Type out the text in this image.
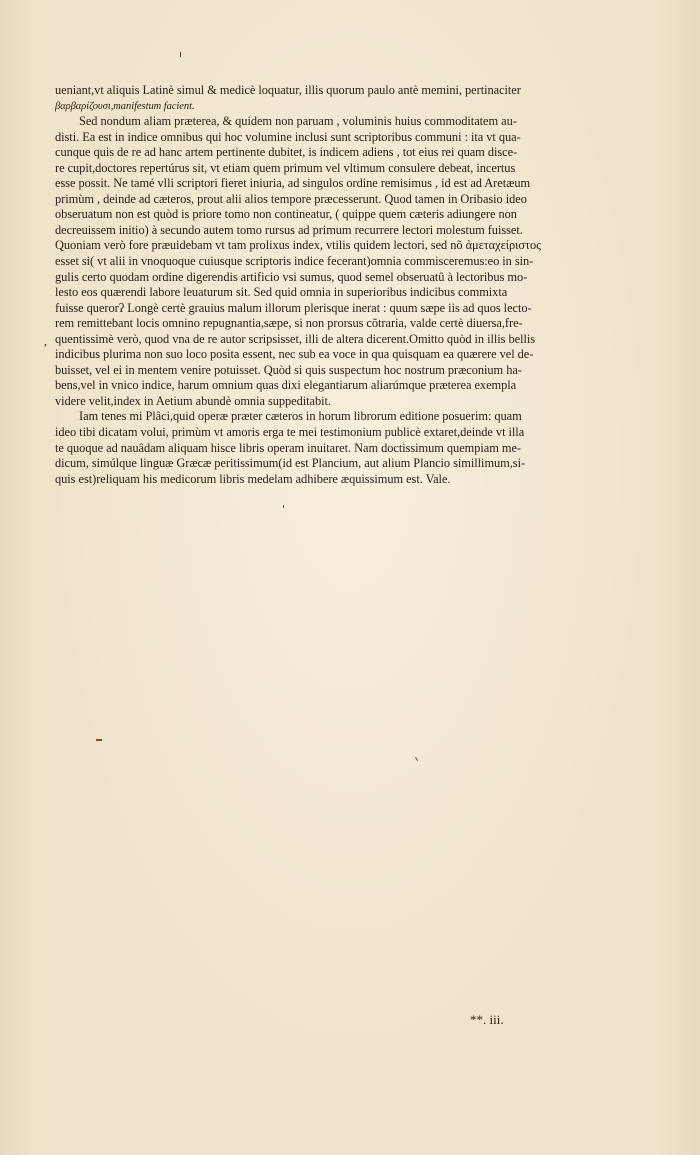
ueniant,vt aliquis Latinè simul & medicè loquatur, illis quorum paulo antè memini, pertinaciter
βαρβαρίζουσι,manifestum facient.
Sed nondum aliam præterea, & quidem non paruam , voluminis huius commoditatem au-
disti. Ea est in indice omnibus qui hoc volumine inclusi sunt scriptoribus communi : ita vt qua-
cunque quis de re ad hanc artem pertinente dubitet, is indicem adiens , tot eius rei quam disce-
re cupit,doctores repertúrus sit, vt etiam quem primum vel vltimum consulere debeat, incertus
esse possit. Ne tamé vlli scriptori fieret iniuria, ad singulos ordine remisimus , id est ad Aretæum
primùm , deinde ad cæteros, prout alii alios tempore præcesserunt. Quod tamen in Oribasio ideo
obseruatum non est quòd is priore tomo non contineatur, ( quippe quem cæteris adiungere non
decreuissem initio) à secundo autem tomo rursus ad primum recurrere lectori molestum fuisset.
Quoniam verò fore præuidebam vt tam prolixus index, vtilis quidem lectori, sed nõ ἀμεταχείριστος
esset si( vt alii in vnoquoque cuiusque scriptoris indice fecerant)omnia commisceremus:eo in sin-
gulis certo quodam ordine digerendis artificio vsi sumus, quod semel obseruatû à lectoribus mo-
lesto eos quærendi labore leuaturum sit. Sed quid omnia in superioribus indicibus commixta
fuisse querorʔ Longè certè grauius malum illorum plerisque inerat : quum sæpe iis ad quos lecto-
rem remittebant locis omnino repugnantia,sæpe, si non prorsus cõtraria, valde certè diuersa,fre-
quentissimè verò, quod vna de re autor scripsisset, illi de altera dicerent.Omitto quòd in illis bellis
indicibus plurima non suo loco posita essent, nec sub ea voce in qua quisquam ea quærere vel de-
buisset, vel ei in mentem venire potuisset. Quòd si quis suspectum hoc nostrum præconium ha-
bens,vel in vnico indice, harum omnium quas dixi elegantiarum aliarúmque præterea exempla
videre velit,index in Aetium abundè omnia suppeditabit.
Iam tenes mi Plâci,quid operæ præter cæteros in horum librorum editione posuerim: quam
ideo tibi dicatam volui, primùm vt amoris erga te mei testimonium publicè extaret,deinde vt illa
te quoque ad nauâdam aliquam hisce libris operam inuitaret. Nam doctissimum quempiam me-
dicum, simúlque linguæ Græcæ peritissimum(id est Plancium, aut alium Plancio simillimum,si-
quis est)reliquam his medicorum libris medelam adhibere æquissimum est. Vale.
,
**. iii.
